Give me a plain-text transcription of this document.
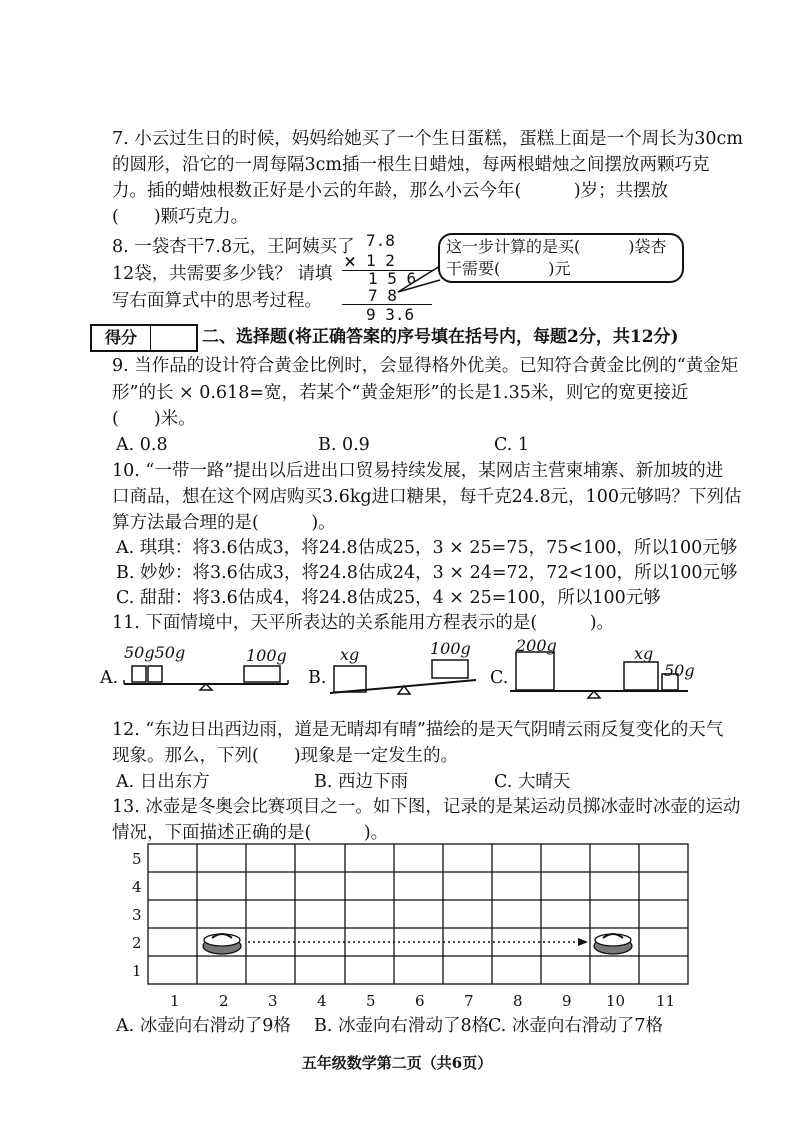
7. 小云过生日的时候，妈妈给她买了一个生日蛋糕，蛋糕上面是一个周长为30cm
的圆形，沿它的一周每隔3cm插一根生日蜡烛，每两根蜡烛之间摆放两颗巧克
力。插的蜡烛根数正好是小云的年龄，那么小云今年(　　　)岁；共摆放
(　　)颗巧克力。
8. 一袋杏干7.8元，王阿姨买了
12袋，共需要多少钱？ 请填
写右面算式中的思考过程。
7.8
× 1 2
1 5 6
7 8
9 3.6
这一步计算的是买(　　　)袋杏
干需要(　　　)元
得分	二、选择题(将正确答案的序号填在括号内，每题2分，共12分)
9. 当作品的设计符合黄金比例时，会显得格外优美。已知符合黄金比例的“黄金矩
形”的长 × 0.618=宽，若某个“黄金矩形”的长是1.35米，则它的宽更接近
(　　)米。
A. 0.8	B. 0.9	C. 1
10. “一带一路”提出以后进出口贸易持续发展，某网店主营柬埔寨、新加坡的进
口商品，想在这个网店购买3.6kg进口糖果，每千克24.8元，100元够吗？下列估
算方法最合理的是(　　　)。
A. 琪琪：将3.6估成3，将24.8估成25，3 × 25=75，75<100，所以100元够
B. 妙妙：将3.6估成3，将24.8估成24，3 × 24=72，72<100，所以100元够
C. 甜甜：将3.6估成4，将24.8估成25，4 × 25=100，所以100元够
11. 下面情境中，天平所表达的关系能用方程表示的是(　　　)。
A.
50g50g	100g
B.
xg	100g
C.
200g	xg
50g
12. “东边日出西边雨，道是无晴却有晴”描绘的是天气阴晴云雨反复变化的天气
现象。那么，下列(　　)现象是一定发生的。
A. 日出东方	B. 西边下雨	C. 大晴天
13. 冰壶是冬奥会比赛项目之一。如下图，记录的是某运动员掷冰壶时冰壶的运动
情况，下面描述正确的是(　　　)。
5
4
3
2
1
1	2	3	4	5	6	7	8	9 10 11
A. 冰壶向右滑动了9格 B. 冰壶向右滑动了8格
C. 冰壶向右滑动了7格
五年级数学第二页（共6页）
